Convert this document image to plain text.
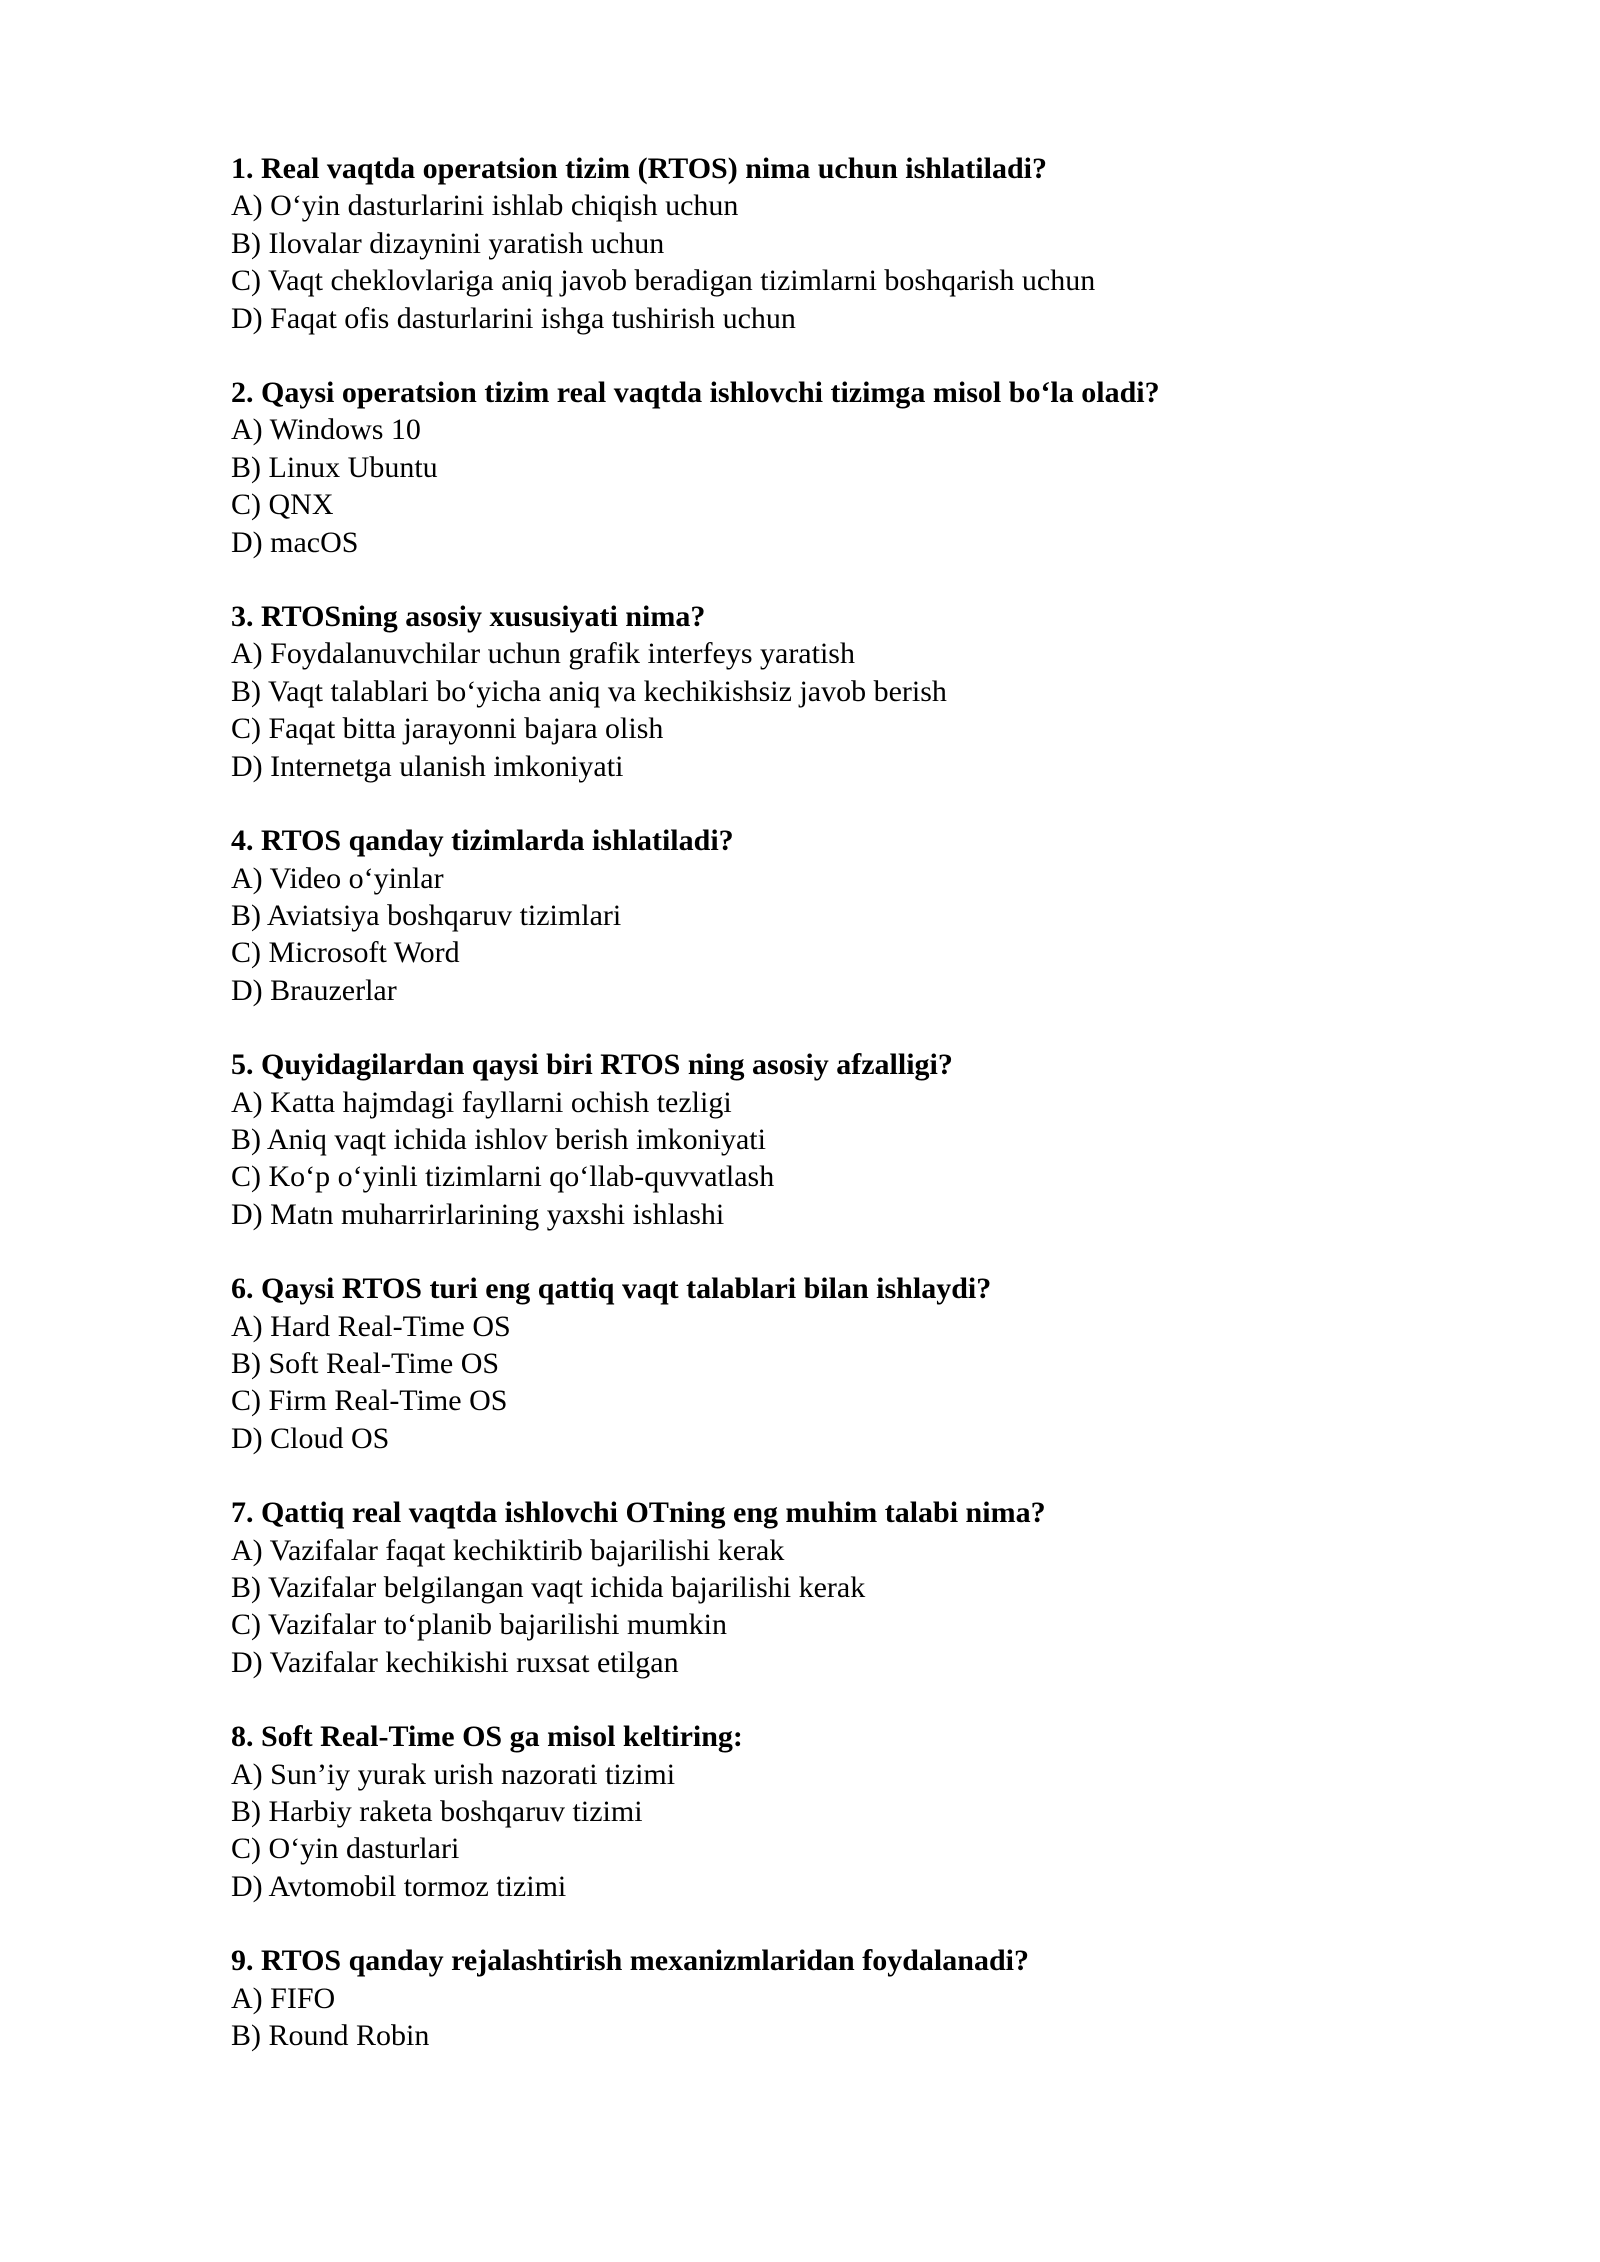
1. Real vaqtda operatsion tizim (RTOS) nima uchun ishlatiladi?

A) O‘yin dasturlarini ishlab chiqish uchun

B) Ilovalar dizaynini yaratish uchun

C) Vaqt cheklovlariga aniq javob beradigan tizimlarni boshqarish uchun

D) Faqat ofis dasturlarini ishga tushirish uchun

2. Qaysi operatsion tizim real vaqtda ishlovchi tizimga misol bo‘la oladi?

A) Windows 10

B) Linux Ubuntu

C) QNX

D) macOS

3. RTOSning asosiy xususiyati nima?

A) Foydalanuvchilar uchun grafik interfeys yaratish

B) Vaqt talablari bo‘yicha aniq va kechikishsiz javob berish

C) Faqat bitta jarayonni bajara olish

D) Internetga ulanish imkoniyati

4. RTOS qanday tizimlarda ishlatiladi?

A) Video o‘yinlar

B) Aviatsiya boshqaruv tizimlari

C) Microsoft Word

D) Brauzerlar

5. Quyidagilardan qaysi biri RTOS ning asosiy afzalligi?

A) Katta hajmdagi fayllarni ochish tezligi

B) Aniq vaqt ichida ishlov berish imkoniyati

C) Ko‘p o‘yinli tizimlarni qo‘llab-quvvatlash

D) Matn muharrirlarining yaxshi ishlashi

6. Qaysi RTOS turi eng qattiq vaqt talablari bilan ishlaydi?

A) Hard Real-Time OS

B) Soft Real-Time OS

C) Firm Real-Time OS

D) Cloud OS

7. Qattiq real vaqtda ishlovchi OTning eng muhim talabi nima?

A) Vazifalar faqat kechiktirib bajarilishi kerak

B) Vazifalar belgilangan vaqt ichida bajarilishi kerak

C) Vazifalar to‘planib bajarilishi mumkin

D) Vazifalar kechikishi ruxsat etilgan

8. Soft Real-Time OS ga misol keltiring:

A) Sun’iy yurak urish nazorati tizimi

B) Harbiy raketa boshqaruv tizimi

C) O‘yin dasturlari

D) Avtomobil tormoz tizimi

9. RTOS qanday rejalashtirish mexanizmlaridan foydalanadi?

A) FIFO

B) Round Robin
